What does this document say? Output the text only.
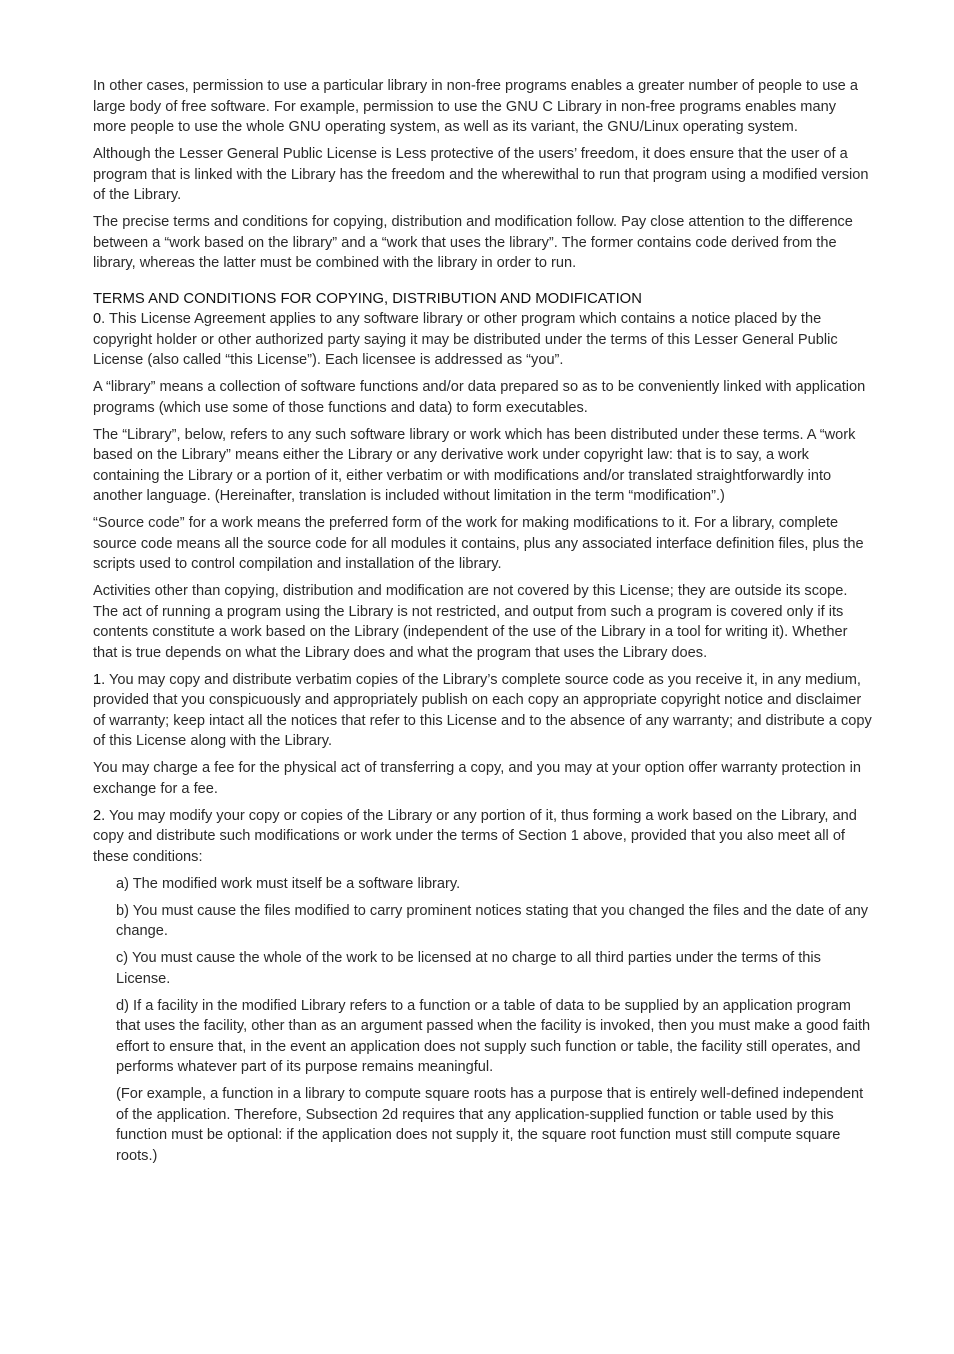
In other cases, permission to use a particular library in non-free programs enables a greater number of people to use a large body of free software. For example, permission to use the GNU C Library in non-free programs enables many more people to use the whole GNU operating system, as well as its variant, the GNU/Linux operating system.

Although the Lesser General Public License is Less protective of the users’ freedom, it does ensure that the user of a program that is linked with the Library has the freedom and the wherewithal to run that program using a modified version of the Library.

The precise terms and conditions for copying, distribution and modification follow. Pay close attention to the difference between a “work based on the library” and a “work that uses the library”. The former contains code derived from the library, whereas the latter must be combined with the library in order to run.

TERMS AND CONDITIONS FOR COPYING, DISTRIBUTION AND MODIFICATION

0. This License Agreement applies to any software library or other program which contains a notice placed by the copyright holder or other authorized party saying it may be distributed under the terms of this Lesser General Public License (also called “this License”). Each licensee is addressed as “you”.

A “library” means a collection of software functions and/or data prepared so as to be conveniently linked with application programs (which use some of those functions and data) to form executables.

The “Library”, below, refers to any such software library or work which has been distributed under these terms. A “work based on the Library” means either the Library or any derivative work under copyright law: that is to say, a work containing the Library or a portion of it, either verbatim or with modifications and/or translated straightforwardly into another language. (Hereinafter, translation is included without limitation in the term “modification”.)

“Source code” for a work means the preferred form of the work for making modifications to it. For a library, complete source code means all the source code for all modules it contains, plus any associated interface definition files, plus the scripts used to control compilation and installation of the library.

Activities other than copying, distribution and modification are not covered by this License; they are outside its scope. The act of running a program using the Library is not restricted, and output from such a program is covered only if its contents constitute a work based on the Library (independent of the use of the Library in a tool for writing it). Whether that is true depends on what the Library does and what the program that uses the Library does.

1. You may copy and distribute verbatim copies of the Library’s complete source code as you receive it, in any medium, provided that you conspicuously and appropriately publish on each copy an appropriate copyright notice and disclaimer of warranty; keep intact all the notices that refer to this License and to the absence of any warranty; and distribute a copy of this License along with the Library.

You may charge a fee for the physical act of transferring a copy, and you may at your option offer warranty protection in exchange for a fee.

2. You may modify your copy or copies of the Library or any portion of it, thus forming a work based on the Library, and copy and distribute such modifications or work under the terms of Section 1 above, provided that you also meet all of these conditions:

a) The modified work must itself be a software library.

b) You must cause the files modified to carry prominent notices stating that you changed the files and the date of any change.

c) You must cause the whole of the work to be licensed at no charge to all third parties under the terms of this License.

d) If a facility in the modified Library refers to a function or a table of data to be supplied by an application program that uses the facility, other than as an argument passed when the facility is invoked, then you must make a good faith effort to ensure that, in the event an application does not supply such function or table, the facility still operates, and performs whatever part of its purpose remains meaningful.

(For example, a function in a library to compute square roots has a purpose that is entirely well-defined independent of the application. Therefore, Subsection 2d requires that any application-supplied function or table used by this function must be optional: if the application does not supply it, the square root function must still compute square roots.)
